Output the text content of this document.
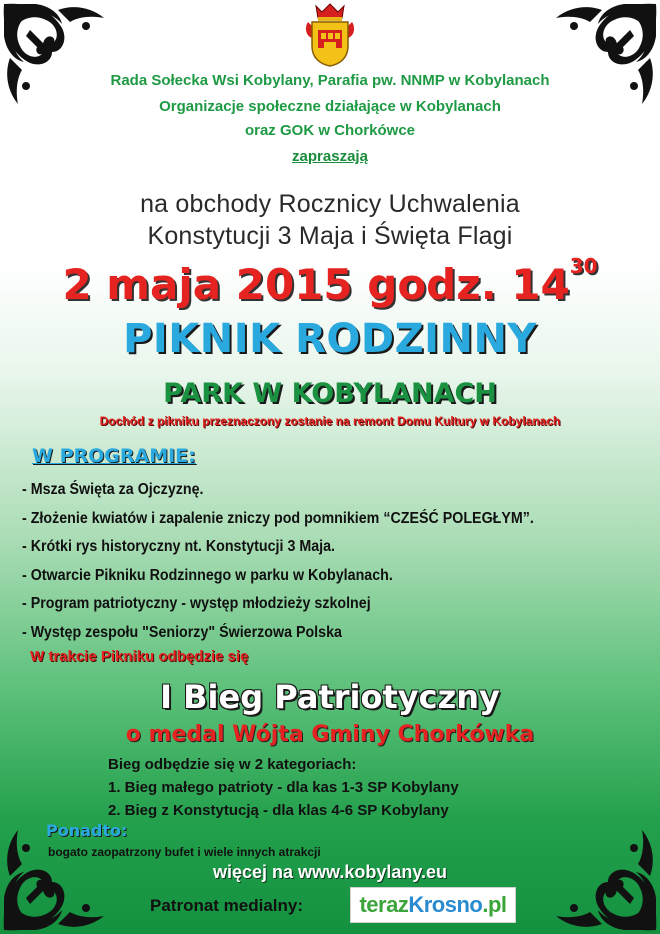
Rada Sołecka Wsi Kobylany, Parafia pw. NNMP w Kobylanach
Organizacje społeczne działające w Kobylanach
oraz GOK w Chorkówce
zapraszają
na obchody Rocznicy Uchwalenia
Konstytucji 3 Maja i Święta Flagi
2 maja 2015 godz. $14^{30}$
PIKNIK RODZINNY
PARK W KOBYLANACH
Dochód z pikniku przeznaczony zostanie na remont Domu Kultury w Kobylanach
W PROGRAMIE:
- Msza Święta za Ojczyznę.
- Złożenie kwiatów i zapalenie zniczy pod pomnikiem “CZEŚĆ POLEGŁYM”.
- Krótki rys historyczny nt. Konstytucji 3 Maja.
- Otwarcie Pikniku Rodzinnego w parku w Kobylanach.
- Program patriotyczny - występ młodzieży szkolnej
- Występ zespołu "Seniorzy" Świerzowa Polska
W trakcie Pikniku odbędzie się
I Bieg Patriotyczny
o medal Wójta Gminy Chorkówka
Bieg odbędzie się w 2 kategoriach:
1. Bieg małego patrioty - dla kas 1-3 SP Kobylany
2. Bieg z Konstytucją - dla klas 4-6 SP Kobylany
Ponadto:
bogato zaopatrzony bufet i wiele innych atrakcji
więcej na www.kobylany.eu
Patronat medialny:	teraz Krosno .pl
